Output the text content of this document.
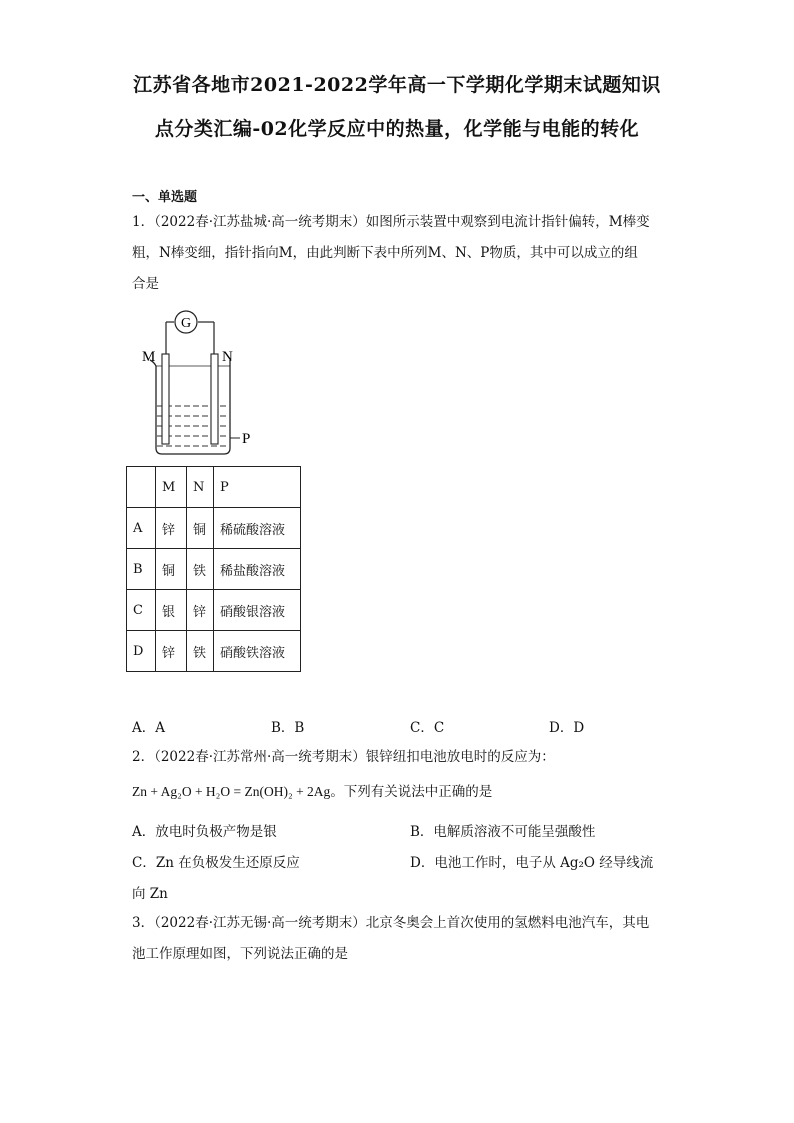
江苏省各地市2021-2022学年高一下学期化学期末试题知识
点分类汇编-02化学反应中的热量，化学能与电能的转化
一、单选题
1．（2022春·江苏盐城·高一统考期末）如图所示装置中观察到电流计指针偏转，M棒变
粗，N棒变细，指针指向M，由此判断下表中所列M、N、P物质，其中可以成立的组
合是
G
M	N
P
	M	N	P
A	锌	铜	稀硫酸溶液
B	铜	铁	稀盐酸溶液
C	银	锌	硝酸银溶液
D	锌	铁	硝酸铁溶液
A．A	B．B	C．C	D．D
2．（2022春·江苏常州·高一统考期末）银锌纽扣电池放电时的反应为：
Zn + Ag₂O + H₂O = Zn(OH)₂ + 2Ag。下列有关说法中正确的是
A．放电时负极产物是银	B．电解质溶液不可能呈强酸性
C．Zn 在负极发生还原反应	D．电池工作时，电子从 Ag₂O 经导线流
向 Zn
3．（2022春·江苏无锡·高一统考期末）北京冬奥会上首次使用的氢燃料电池汽车，其电
池工作原理如图，下列说法正确的是
